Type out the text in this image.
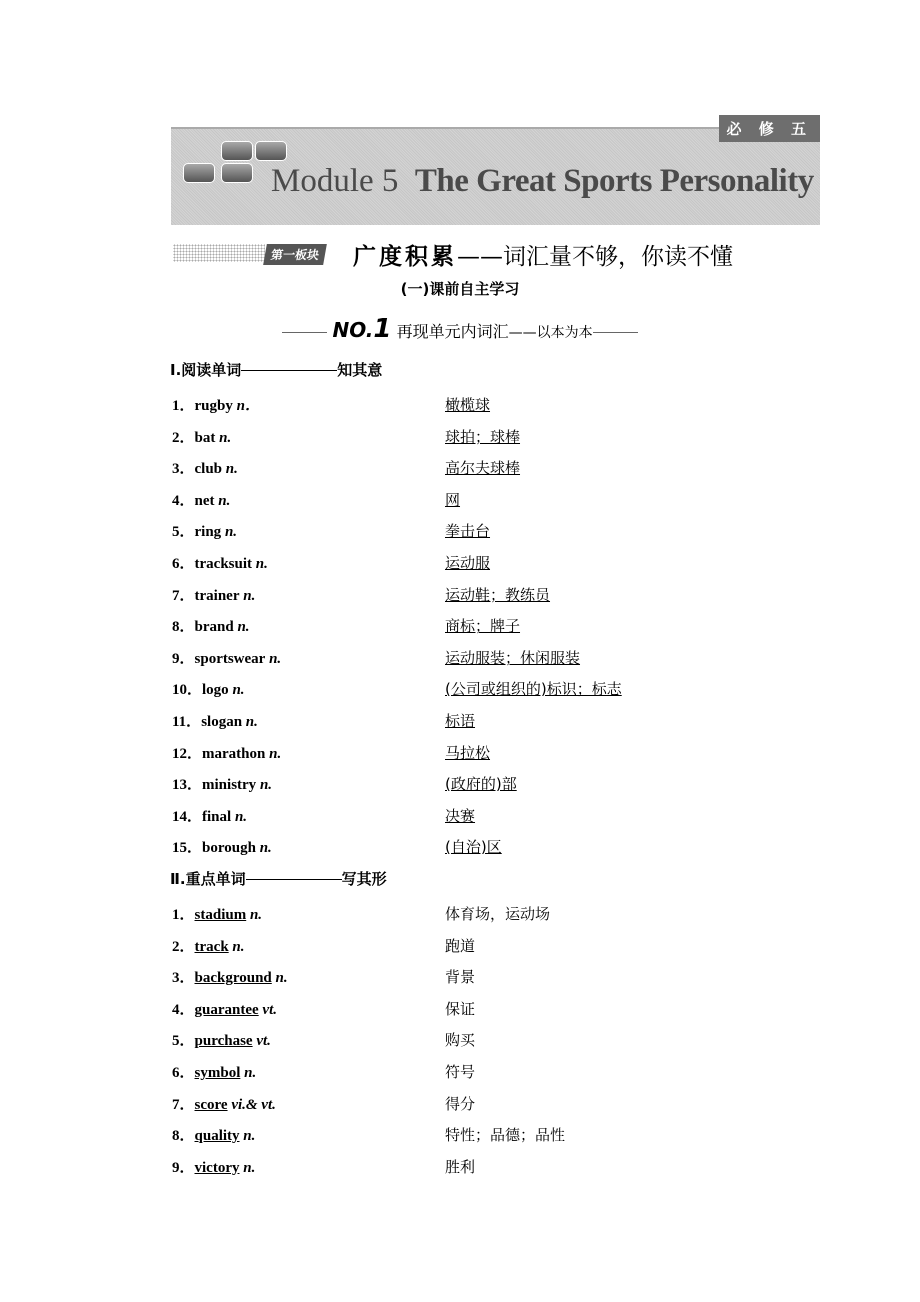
必 修 五
Module 5 The Great Sports Personality
第一板块 广度积累——词汇量不够，你读不懂
(一)课前自主学习
NO.1 再现单元内词汇——以本为本
Ⅰ.阅读单词	知其意
1．rugby n．	橄榄球
2．bat n.	球拍；球棒
3．club n.	高尔夫球棒
4．net n.	网
5．ring n.	拳击台
6．tracksuit n.	运动服
7．trainer n.	运动鞋；教练员
8．brand n.	商标；牌子
9．sportswear n.	运动服装；休闲服装
10．logo n.	(公司或组织的)标识；标志
11．slogan n.	标语
12．marathon n.	马拉松
13．ministry n.	(政府的)部
14．final n.	决赛
15．borough n.	(自治)区
Ⅱ.重点单词	写其形
1．stadium n.	体育场，运动场
2．track n.	跑道
3．background n.	背景
4．guarantee vt.	保证
5．purchase vt.	购买
6．symbol n.	符号
7．score vi.& vt.	得分
8．quality n.	特性；品德；品性
9．victory n.	胜利
